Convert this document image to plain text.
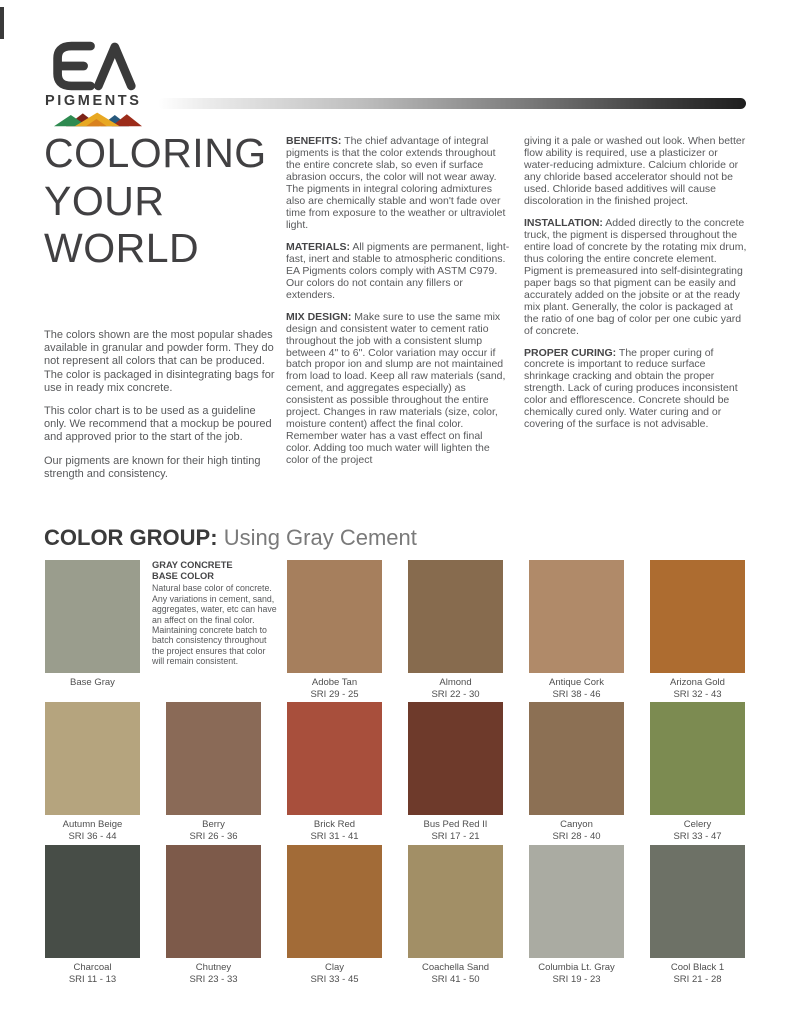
PIGMENTS
COLORING
YOUR
WORLD

The colors shown are the most popular shades available in granular and powder form. They do not represent all colors that can be produced. The color is packaged in disintegrating bags for use in ready mix concrete.

This color chart is to be used as a guideline only. We recommend that a mockup be poured and approved prior to the start of the job.

Our pigments are known for their high tinting strength and consistency.

BENEFITS: The chief advantage of integral pigments is that the color extends throughout the entire concrete slab, so even if surface abrasion occurs, the color will not wear away. The pigments in integral coloring admixtures also are chemically stable and won't fade over time from exposure to the weather or ultraviolet light.

MATERIALS: All pigments are permanent, light-fast, inert and stable to atmospheric conditions. EA Pigments colors comply with ASTM C979. Our colors do not contain any fillers or extenders.

MIX DESIGN: Make sure to use the same mix design and consistent water to cement ratio throughout the job with a consistent slump between 4" to 6". Color variation may occur if batch propor ion and slump are not maintained from load to load. Keep all raw materials (sand, cement, and aggregates especially) as consistent as possible throughout the entire project. Changes in raw materials (size, color, moisture content) affect the final color. Remember water has a vast effect on final color. Adding too much water will lighten the color of the project

giving it a pale or washed out look. When better flow ability is required, use a plasticizer or water-reducing admixture. Calcium chloride or any chloride based accelerator should not be used. Chloride based additives will cause discoloration in the finished project.

INSTALLATION: Added directly to the concrete truck, the pigment is dispersed throughout the entire load of concrete by the rotating mix drum, thus coloring the entire concrete element. Pigment is premeasured into self-disintegrating paper bags so that pigment can be easily and accurately added on the jobsite or at the ready mix plant. Generally, the color is packaged at the ratio of one bag of color per one cubic yard of concrete.

PROPER CURING: The proper curing of concrete is important to reduce surface shrinkage cracking and obtain the proper strength. Lack of curing produces inconsistent color and efflorescence. Concrete should be chemically cured only. Water curing and or covering of the surface is not advisable.

COLOR GROUP: Using Gray Cement
Base Gray
GRAY CONCRETE BASE COLOR
Natural base color of concrete. Any variations in cement, sand, aggregates, water, etc can have an affect on the final color. Maintaining concrete batch to batch consistency throughout the project ensures that color will remain consistent.
Adobe Tan
SRI 29 - 25
Almond
SRI 22 - 30
Antique Cork
SRI 38 - 46
Arizona Gold
SRI 32 - 43
Autumn Beige
SRI 36 - 44
Berry
SRI 26 - 36
Brick Red
SRI 31 - 41
Bus Ped Red II
SRI 17 - 21
Canyon
SRI 28 - 40
Celery
SRI 33 - 47
Charcoal
SRI 11 - 13
Chutney
SRI 23 - 33
Clay
SRI 33 - 45
Coachella Sand
SRI 41 - 50
Columbia Lt. Gray
SRI 19 - 23
Cool Black 1
SRI 21 - 28
